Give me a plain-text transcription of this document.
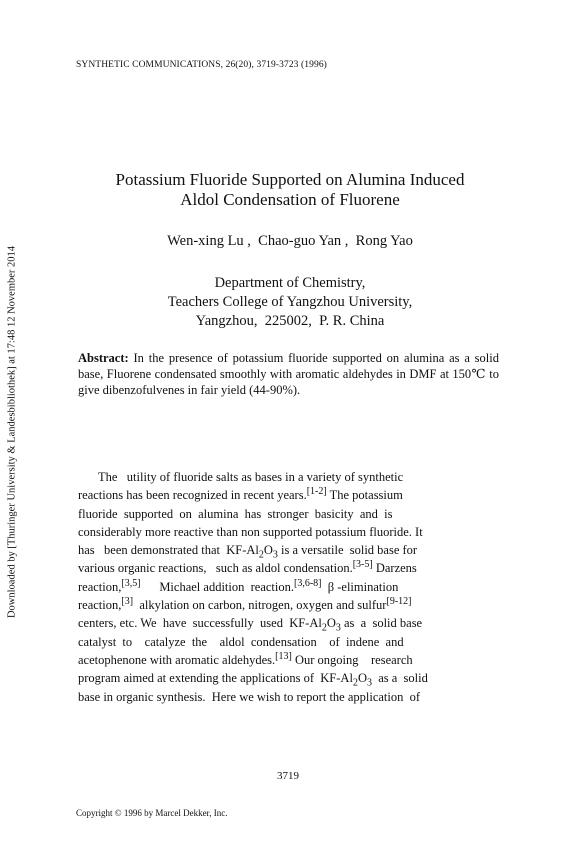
SYNTHETIC COMMUNICATIONS, 26(20), 3719-3723 (1996)
Downloaded by [Thuringer University & Landesbibliothek] at 17:48 12 November 2014
Potassium Fluoride Supported on Alumina Induced
Aldol Condensation of Fluorene
Wen-xing Lu ,  Chao-guo Yan ,  Rong Yao
Department of Chemistry,
Teachers College of Yangzhou University,
Yangzhou,  225002,  P. R. China
Abstract: In the presence of potassium fluoride supported on alumina as a solid base, Fluorene condensated smoothly with aromatic aldehydes in DMF at 150℃ to give dibenzofulvenes in fair yield (44-90%).
The   utility of fluoride salts as bases in a variety of synthetic
reactions has been recognized in recent years.[1-2] The potassium
fluoride  supported  on  alumina  has  stronger  basicity  and  is
considerably more reactive than non supported potassium fluoride. It
has   been demonstrated that  $KF-Al_2O_3$ is a versatile  solid base for
various organic reactions,   such as aldol condensation.[3-5] Darzens
reaction,[3,5]      Michael addition  reaction.[3,6-8]  β -elimination
reaction,[3]  alkylation on carbon, nitrogen, oxygen and sulfur[9-12]
centers, etc. We  have  successfully  used  $KF-Al_2O_3$ as  a  solid base
catalyst  to    catalyze  the    aldol  condensation    of  indene  and
acetophenone with aromatic aldehydes.[13] Our ongoing    research
program aimed at extending the applications of  $KF-Al_2O_3$  as a  solid
base in organic synthesis.  Here we wish to report the application  of
3719
Copyright © 1996 by Marcel Dekker, Inc.
